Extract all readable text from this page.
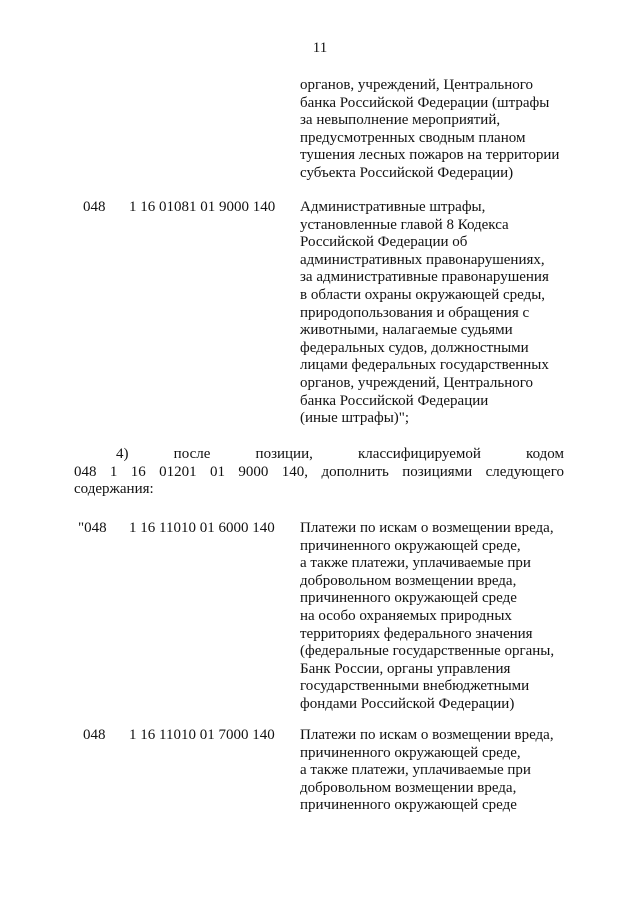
11
органов, учреждений, Центрального
банка Российской Федерации (штрафы
за невыполнение мероприятий,
предусмотренных сводным планом
тушения лесных пожаров на территории
субъекта Российской Федерации)
048 1 16 01081 01 9000 140 Административные штрафы,
установленные главой 8 Кодекса
Российской Федерации об
административных правонарушениях,
за административные правонарушения
в области охраны окружающей среды,
природопользования и обращения с
животными, налагаемые судьями
федеральных судов, должностными
лицами федеральных государственных
органов, учреждений, Центрального
банка Российской Федерации
(иные штрафы)";
"048 1 16 11010 01 6000 140 Платежи по искам о возмещении вреда,
причиненного окружающей среде,
а также платежи, уплачиваемые при
добровольном возмещении вреда,
причиненного окружающей среде
на особо охраняемых природных
территориях федерального значения
(федеральные государственные органы,
Банк России, органы управления
государственными внебюджетными
фондами Российской Федерации)
048 1 16 11010 01 7000 140 Платежи по искам о возмещении вреда,
причиненного окружающей среде,
а также платежи, уплачиваемые при
добровольном возмещении вреда,
причиненного окружающей среде
4) после позиции, классифицируемой кодом
048 1 16 01201 01 9000 140, дополнить позициями следующего
содержания:
